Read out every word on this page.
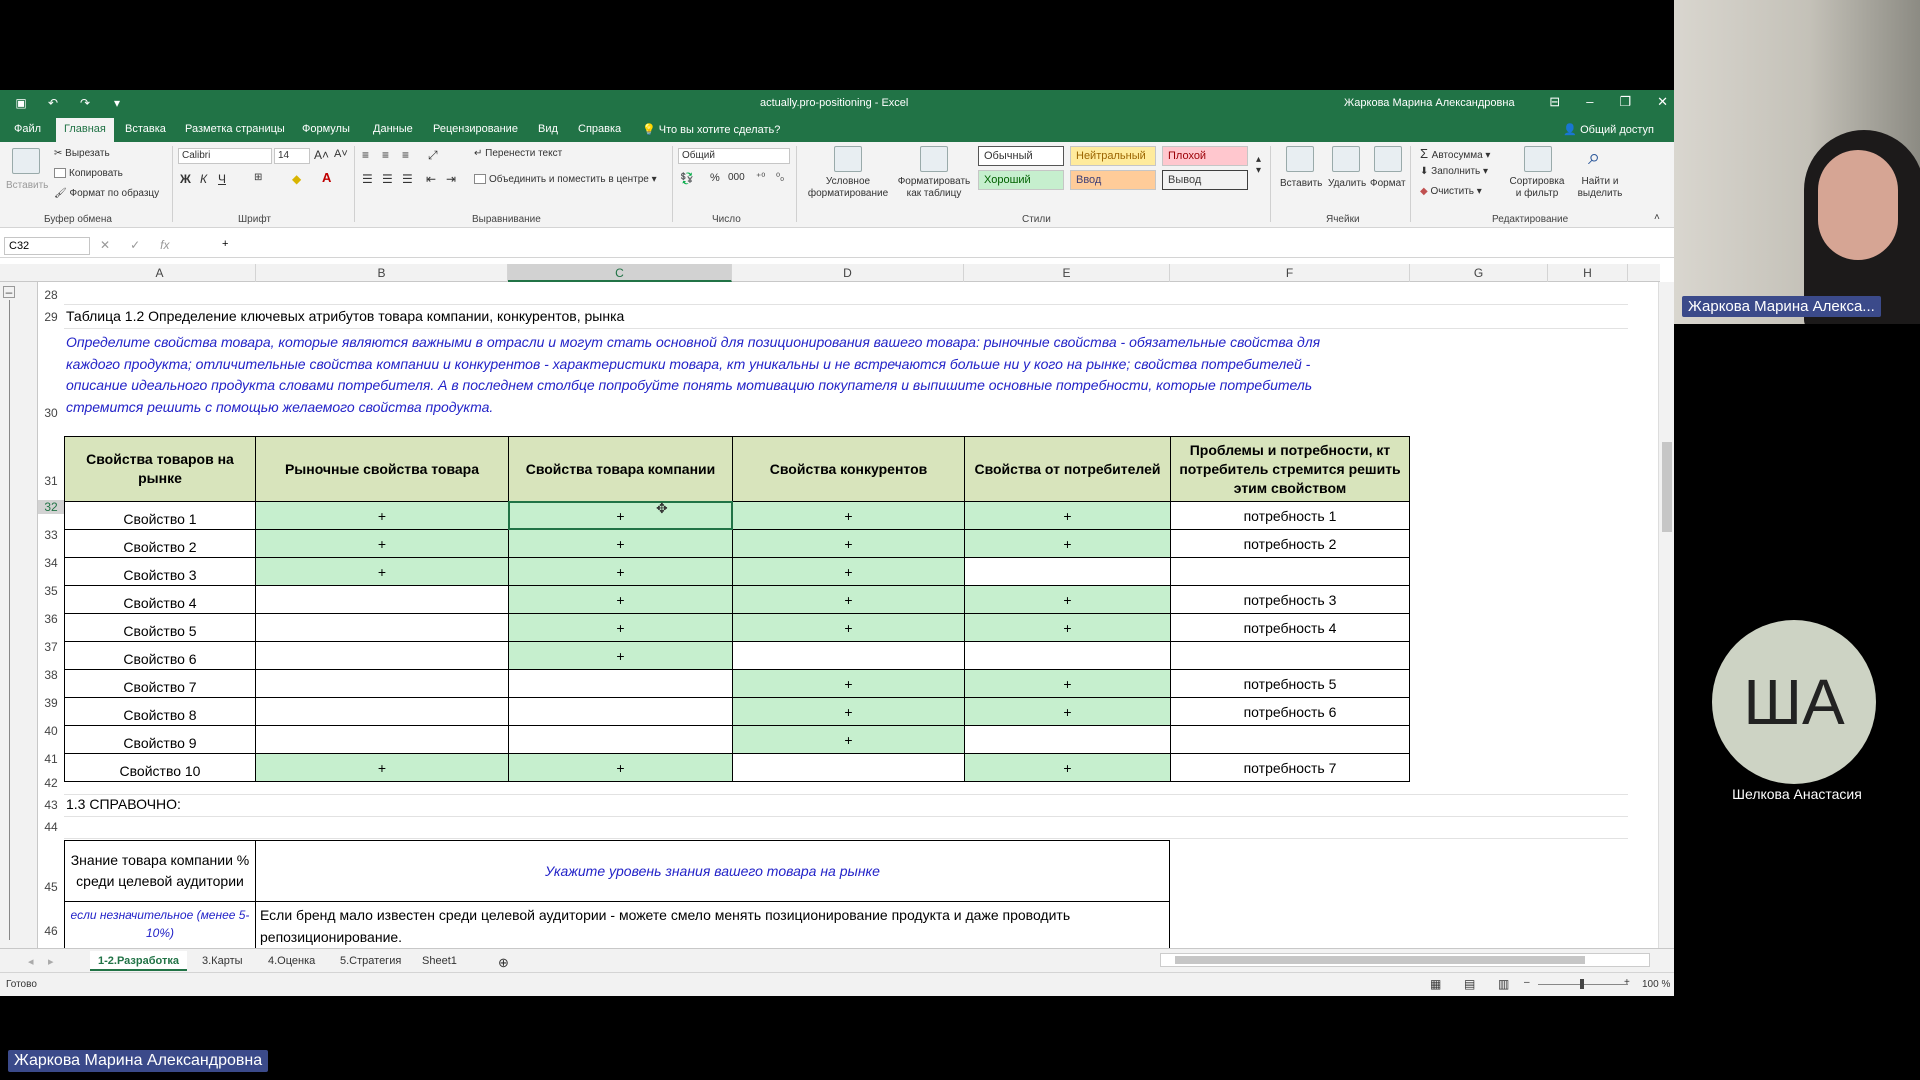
▣ ↶ ↷	▾	actually.pro-positioning - Excel	Жаркова Марина Александровна	⊟ – ❐ ✕
Файл	Главная	Вставка Разметка страницы Формулы Данные Рецензирование Вид Справка 💡 Что вы хотите сделать?	👤 Общий доступ
Вставить
✂ Вырезать
Копировать
🖌 Формат по образцу
Буфер обмена
Calibri	14	A˄ A˅
Ж К Ч	⊞ ◆ A
Шрифт
≡ ≡ ≡ ⤢
☰ ☰ ☰ ⇤ ⇥
↵ Перенести текст
Объединить и поместить в центре ▾
Выравнивание
Общий
💱 % 000 ⁺⁰ ⁰₀
Число
Условное форматирование
Форматировать как таблицу
Обычный	Нейтральный	Плохой
Хороший	Ввод	Вывод
▴
▾
Стили
Вставить Удалить Формат
Ячейки
Σ Автосумма ▾
⬇ Заполнить ▾
◆ Очистить ▾
Сортировка и фильтр
⌕
Найти и выделить
Редактирование	˄
C32	✕ ✓ fx	+
–
A	B	C	D	E	F	G	H
28
29
30
31
32
33
34
35
36
37
38
39
40
41
42
43
44
45
46
Таблица 1.2 Определение ключевых атрибутов товара компании, конкурентов, рынка
Определите свойства товара, которые являются важными в отрасли и могут стать основной для позиционирования вашего товара: рыночные свойства - обязательные свойства для каждого продукта; отличительные свойства компании и конкурентов - характеристики товара, кт уникальны и не встречаются больше ни у кого на рынке; свойства потребителей - описание идеального продукта словами потребителя. А в последнем столбце попробуйте понять мотивацию покупателя и выпишите основные потребности, которые потребитель стремится решить с помощью желаемого свойства продукта.
Свойства товаров на рынке
Рыночные свойства товара	Свойства товара компании	Свойства конкурентов	Свойства от потребителей
Проблемы и потребности, кт потребитель стремится решить этим свойством
Свойство 1	+	+	+	+	потребность 1
Свойство 2	+	+	+	+	потребность 2
Свойство 3	+	+	+
Свойство 4	+	+	+	потребность 3
Свойство 5	+	+	+	потребность 4
Свойство 6	+
Свойство 7	+	+	потребность 5
Свойство 8	+	+	потребность 6
Свойство 9	+
Свойство 10	+	+	+	потребность 7
1.3 СПРАВОЧНО:
Знание товара компании % среди целевой аудитории
Укажите уровень знания вашего товара на рынке
если незначительное (менее 5-10%)
Если бренд мало известен среди целевой аудитории - можете смело менять позиционирование продукта и даже проводить репозиционирование.
✥
◂	▸	1-2.Разработка	3.Карты	4.Оценка	5.Стратегия	Sheet1	⊕
Готово	▦ ▤ ▥ –	+ 100 %
Жаркова Марина Алекса...
ША
Шелкова Анастасия
Жаркова Марина Александровна
